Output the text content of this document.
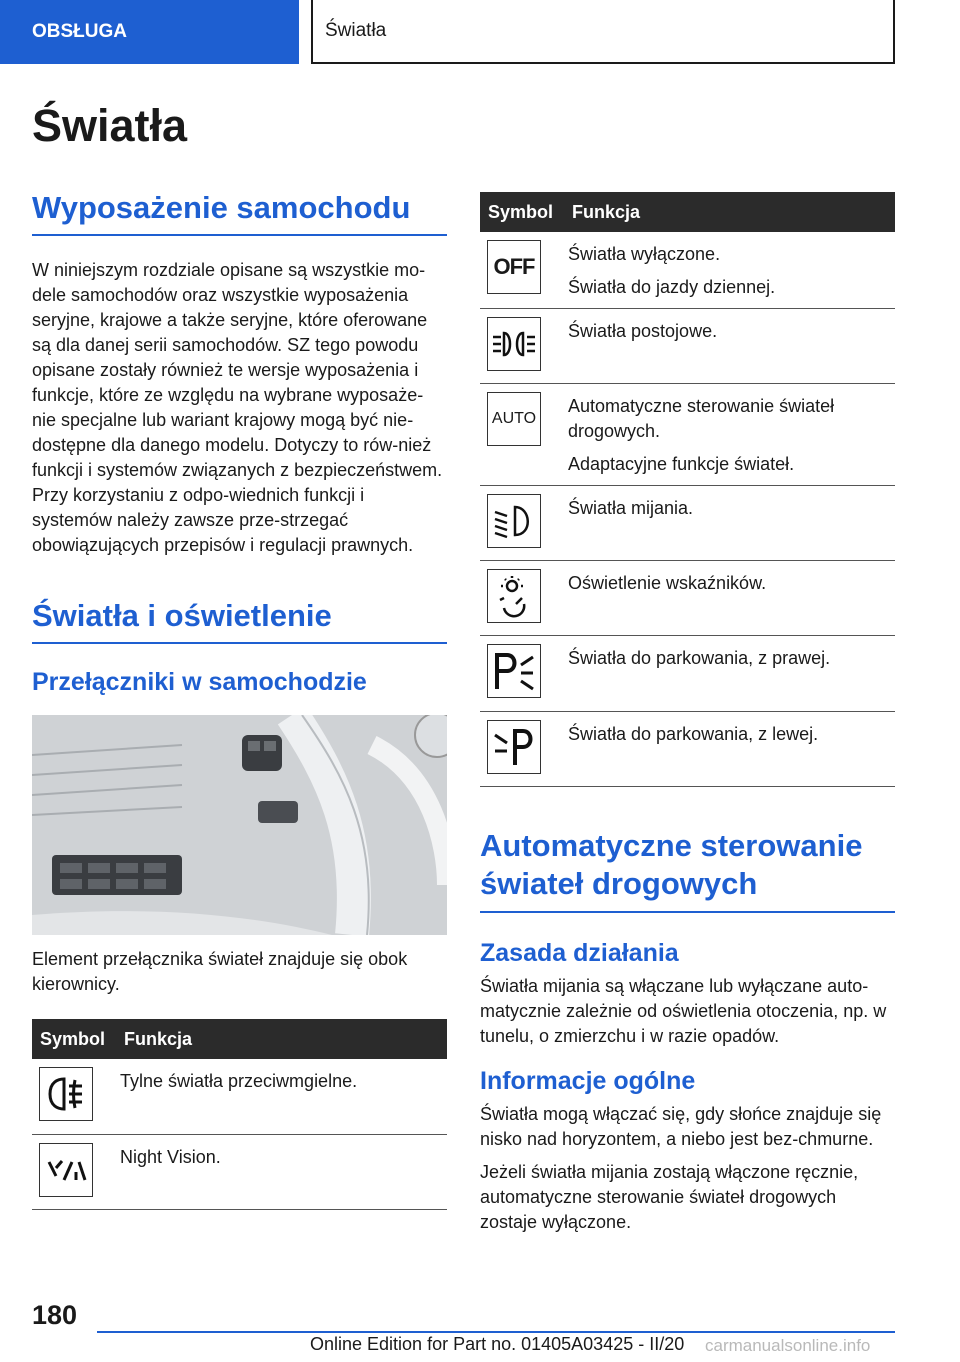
OBSŁUGA	Światła
Światła
Wyposażenie samochodu

W niniejszym rozdziale opisane są wszystkie mo-dele samochodów oraz wszystkie wyposażenia seryjne, krajowe a także seryjne, które oferowane są dla danej serii samochodów. SZ tego powodu opisane zostały również te wersje wyposażenia i funkcje, które ze względu na wybrane wyposaże-nie specjalne lub wariant krajowy mogą być nie-dostępne dla danego modelu. Dotyczy to rów-nież funkcji i systemów związanych z bezpieczeństwem. Przy korzystaniu z odpo-wiednich funkcji i systemów należy zawsze prze-strzegać obowiązujących przepisów i regulacji prawnych.

Światła i oświetlenie
Przełączniki w samochodzie

Element przełącznika świateł znajduje się obok kierownicy.

Symbol	Funkcja

Tylne światła przeciwmgielne.

Night Vision.

Symbol	Funkcja

OFF	Światła wyłączone.

Światła do jazdy dziennej.

Światła postojowe.

AUTO	Automatyczne sterowanie świateł drogowych.

Adaptacyjne funkcje świateł.

Światła mijania.

Oświetlenie wskaźników.

Światła do parkowania, z prawej.

Światła do parkowania, z lewej.

Automatyczne sterowanie świateł drogowych
Zasada działania

Światła mijania są włączane lub wyłączane auto-matycznie zależnie od oświetlenia otoczenia, np. w tunelu, o zmierzchu i w razie opadów.

Informacje ogólne

Światła mogą włączać się, gdy słońce znajduje się nisko nad horyzontem, a niebo jest bez-chmurne.

Jeżeli światła mijania zostają włączone ręcznie, automatyczne sterowanie świateł drogowych zostaje wyłączone.

180
Online Edition for Part no. 01405A03425 - II/20 carmanualsonline.info
